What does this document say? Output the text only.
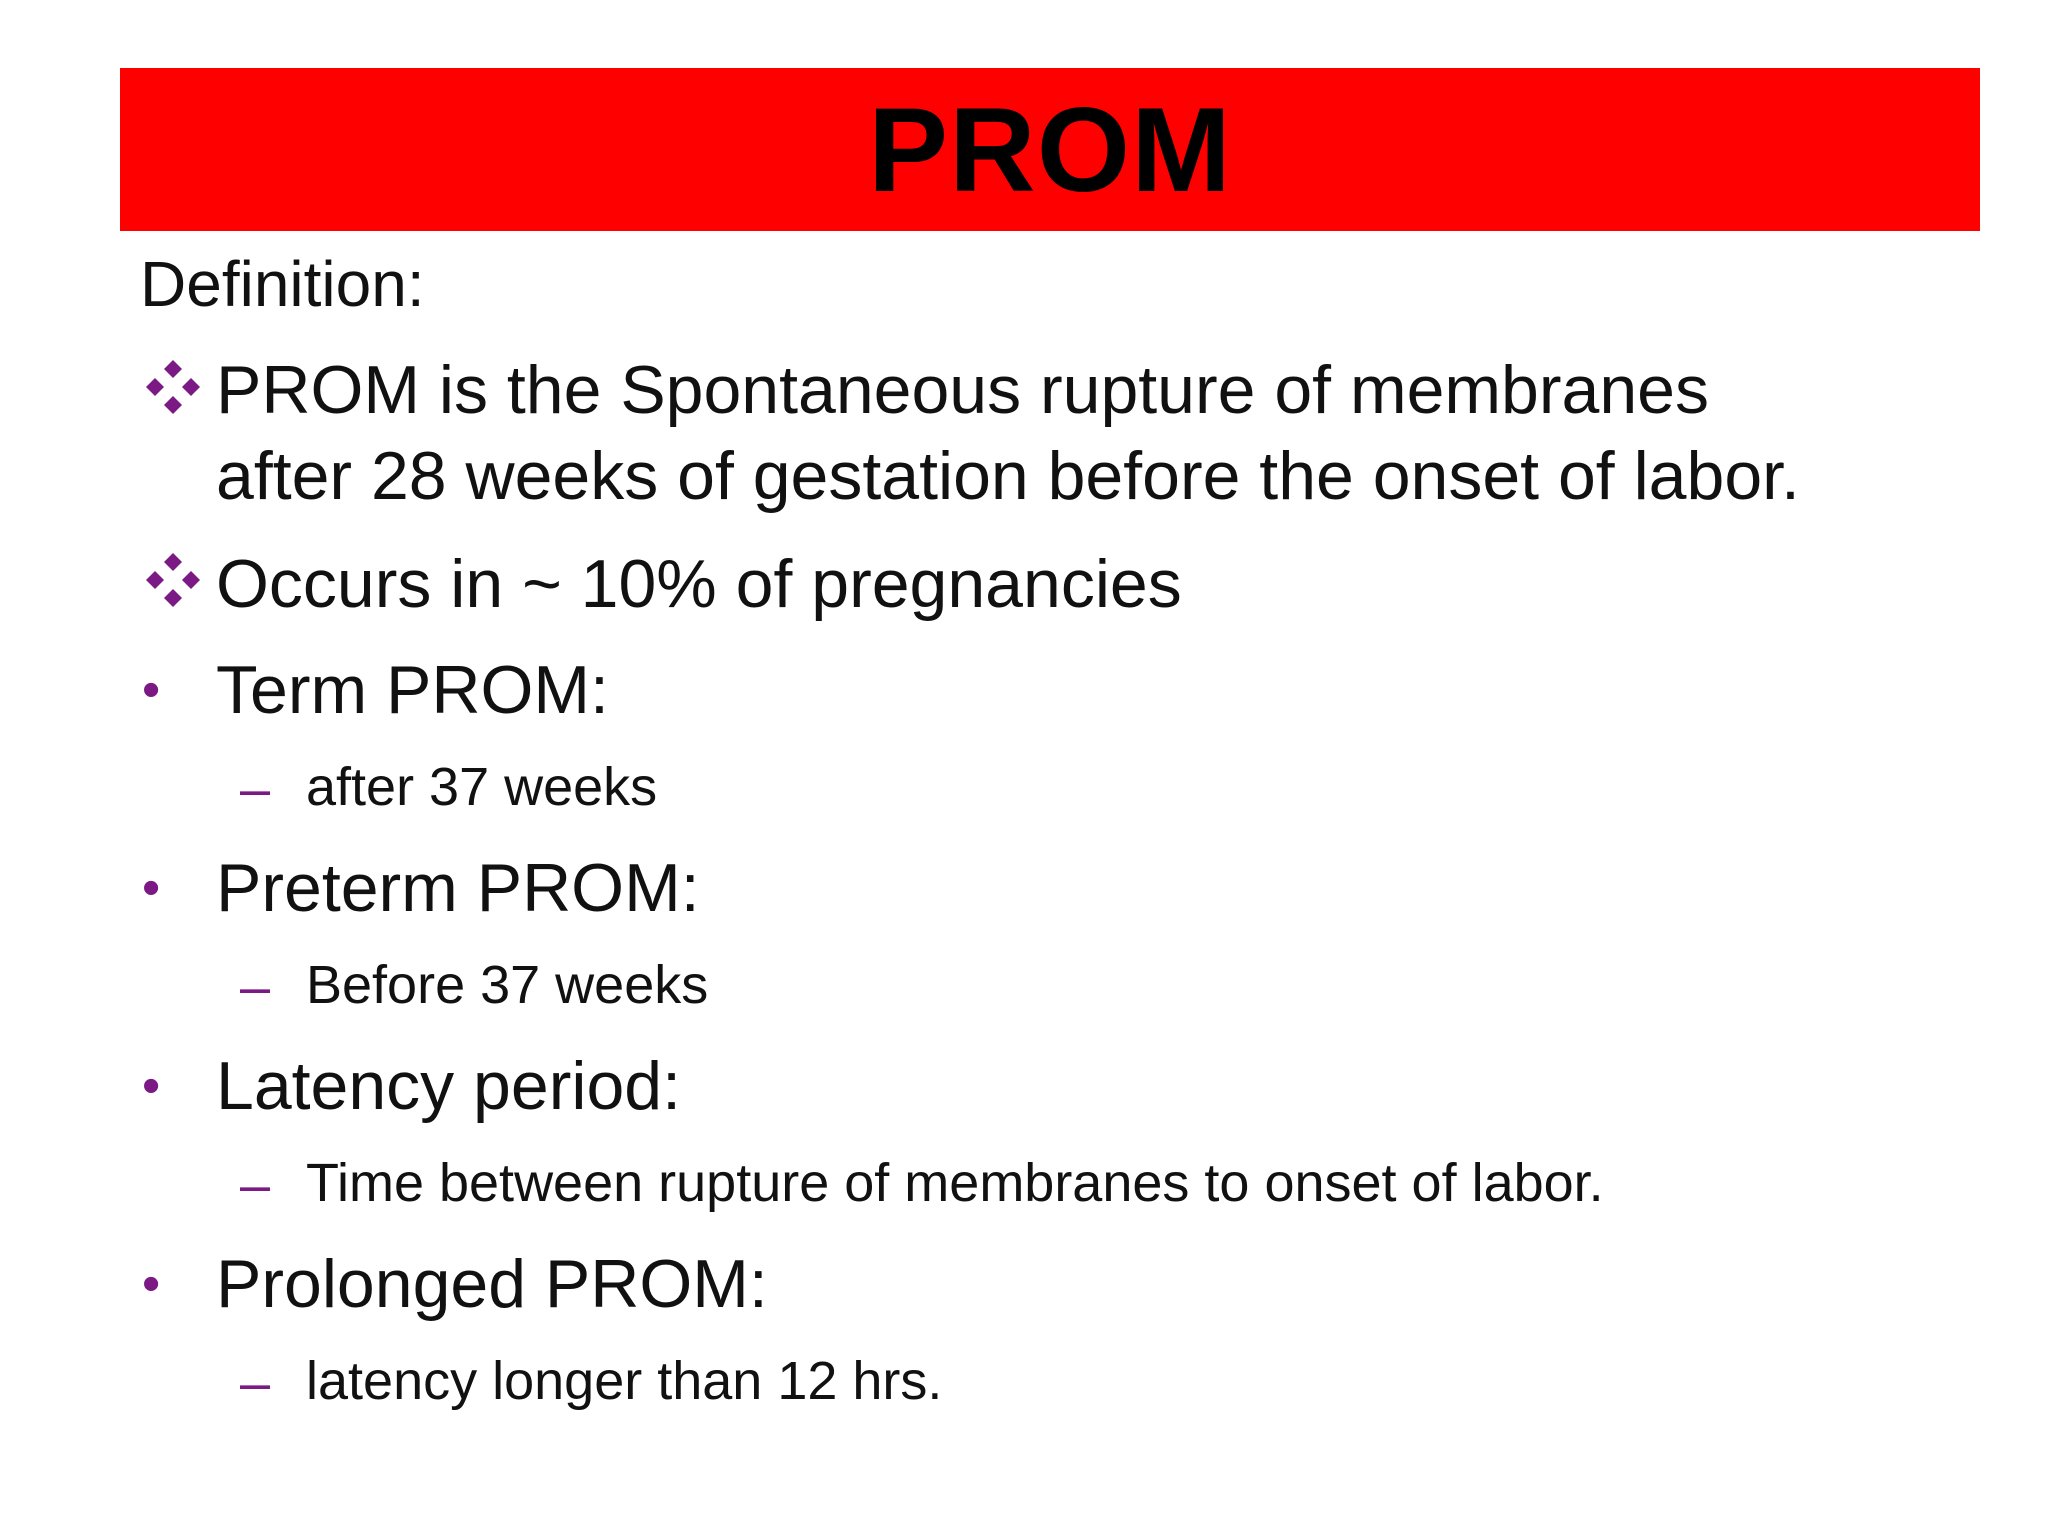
PROM
Definition:
PROM is the Spontaneous rupture of membranes
after 28 weeks of gestation before the onset of labor.
Occurs in ~ 10% of pregnancies
• Term PROM:
– after 37 weeks
• Preterm PROM:
– Before 37 weeks
• Latency period:
– Time between rupture of membranes to onset of labor.
• Prolonged PROM:
– latency longer than 12 hrs.
